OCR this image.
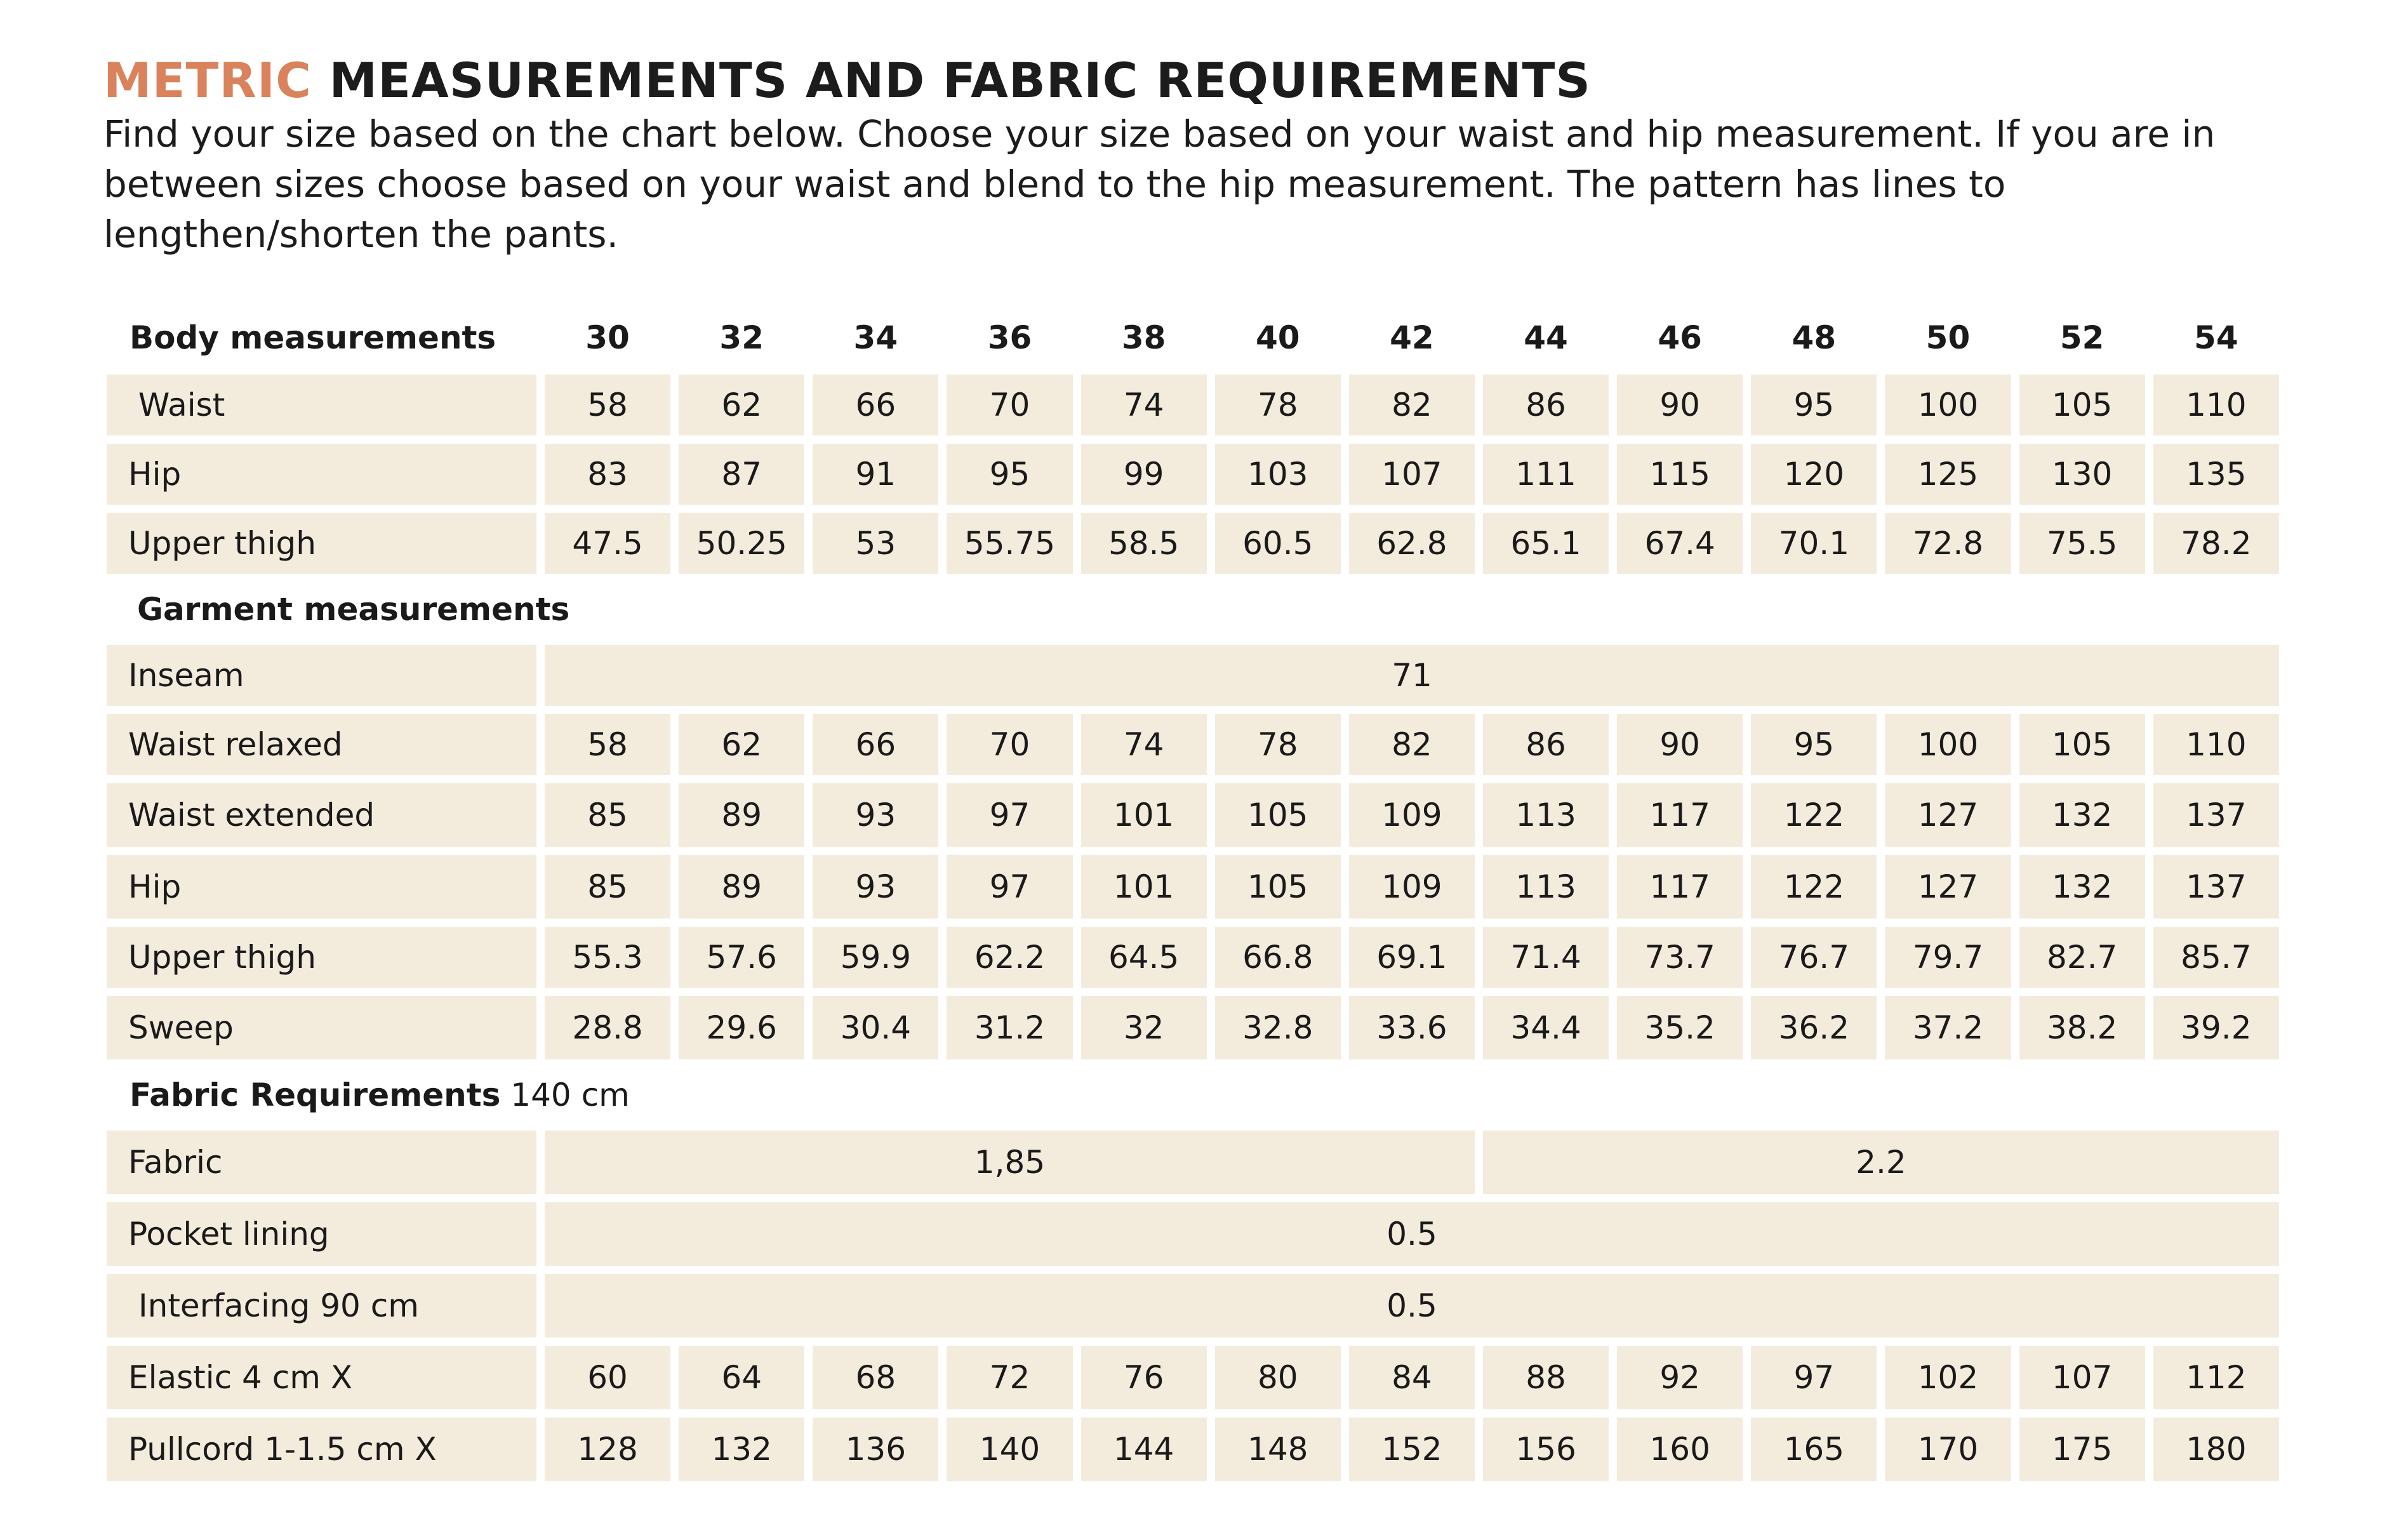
METRIC MEASUREMENTS AND FABRIC REQUIREMENTS
Find your size based on the chart below. Choose your size based on your waist and hip measurement. If you are in between sizes choose based on your waist and blend to the hip measurement. The pattern has lines to lengthen/shorten the pants.
Body measurements	30	32	34	36	38	40	42	44	46	48	50	52	54
Waist	58	62	66	70	74	78	82	86	90	95	100	105	110
Hip	83	87	91	95	99	103	107	111	115	120	125	130	135
Upper thigh	47.5	50.25	53	55.75	58.5	60.5	62.8	65.1	67.4	70.1	72.8	75.5	78.2
Garment measurements													
Inseam	71												
Waist relaxed	58	62	66	70	74	78	82	86	90	95	100	105	110
Waist extended	85	89	93	97	101	105	109	113	117	122	127	132	137
Hip	85	89	93	97	101	105	109	113	117	122	127	132	137
Upper thigh	55.3	57.6	59.9	62.2	64.5	66.8	69.1	71.4	73.7	76.7	79.7	82.7	85.7
Sweep	28.8	29.6	30.4	31.2	32	32.8	33.6	34.4	35.2	36.2	37.2	38.2	39.2
Fabric Requirements 140 cm													
Fabric	1,85							2.2					
Pocket lining	0.5												
Interfacing 90 cm	0.5												
Elastic 4 cm X	60	64	68	72	76	80	84	88	92	97	102	107	112
Pullcord 1-1.5 cm X	128	132	136	140	144	148	152	156	160	165	170	175	180
